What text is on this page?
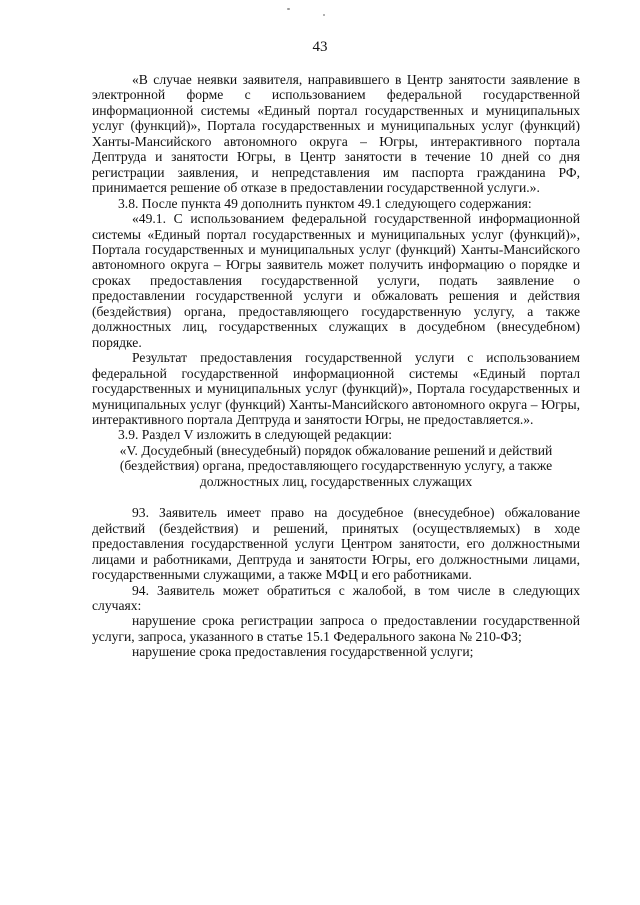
43

«В случае неявки заявителя, направившего в Центр занятости заявление в электронной форме с использованием федеральной государственной информационной системы «Единый портал государственных и муниципальных услуг (функций)», Портала государственных и муниципальных услуг (функций) Ханты-Мансийского автономного округа – Югры, интерактивного портала Дептруда и занятости Югры, в Центр занятости в течение 10 дней со дня регистрации заявления, и непредставления им паспорта гражданина РФ, принимается решение об отказе в предоставлении государственной услуги.».

3.8. После пункта 49 дополнить пунктом 49.1 следующего содержания:

«49.1. С использованием федеральной государственной информационной системы «Единый портал государственных и муниципальных услуг (функций)», Портала государственных и муниципальных услуг (функций) Ханты-Мансийского автономного округа – Югры заявитель может получить информацию о порядке и сроках предоставления государственной услуги, подать заявление о предоставлении государственной услуги и обжаловать решения и действия (бездействия) органа, предоставляющего государственную услугу, а также должностных лиц, государственных служащих в досудебном (внесудебном) порядке.

Результат предоставления государственной услуги с использованием федеральной государственной информационной системы «Единый портал государственных и муниципальных услуг (функций)», Портала государственных и муниципальных услуг (функций) Ханты-Мансийского автономного округа – Югры, интерактивного портала Дептруда и занятости Югры, не предоставляется.».

3.9. Раздел V изложить в следующей редакции:

«V. Досудебный (внесудебный) порядок обжалование решений и действий (бездействия) органа, предоставляющего государственную услугу, а также должностных лиц, государственных служащих

93. Заявитель имеет право на досудебное (внесудебное) обжалование действий (бездействия) и решений, принятых (осуществляемых) в ходе предоставления государственной услуги Центром занятости, его должностными лицами и работниками, Дептруда и занятости Югры, его должностными лицами, государственными служащими, а также МФЦ и его работниками.

94. Заявитель может обратиться с жалобой, в том числе в следующих случаях:

нарушение срока регистрации запроса о предоставлении государственной услуги, запроса, указанного в статье 15.1 Федерального закона № 210-ФЗ;

нарушение срока предоставления государственной услуги;
